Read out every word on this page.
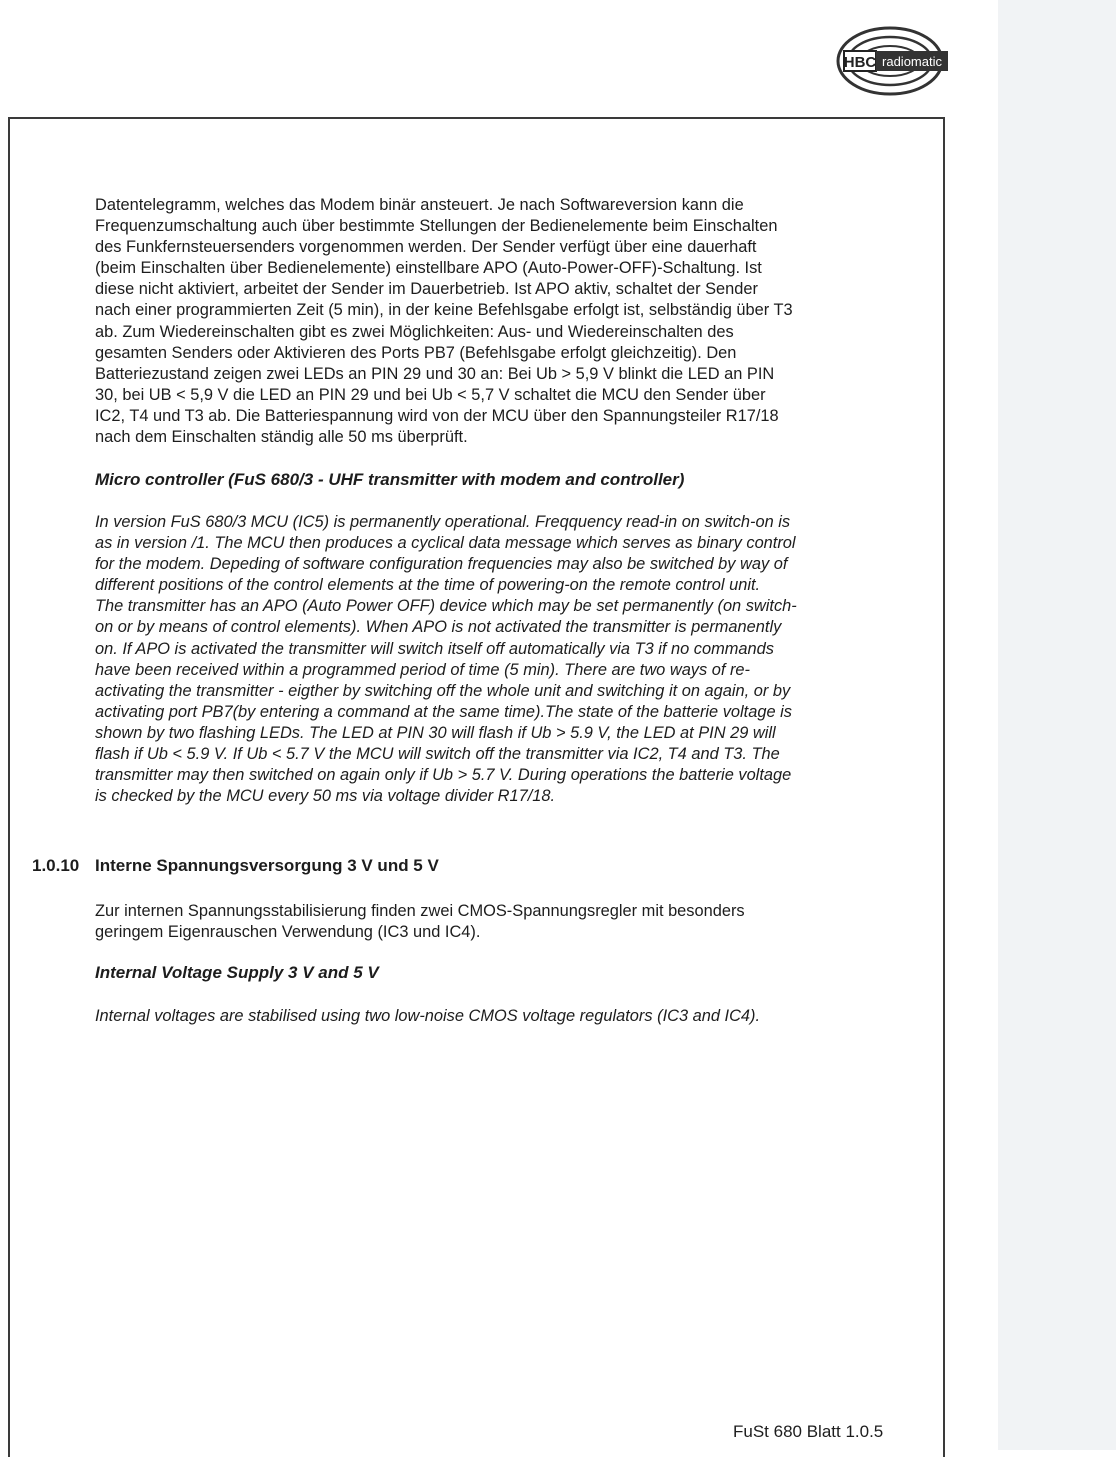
HBC radiomatic
Datentelegramm, welches das Modem binär ansteuert. Je nach Softwareversion kann die
Frequenzumschaltung auch über bestimmte Stellungen der Bedienelemente beim Einschalten
des Funkfernsteuersenders vorgenommen werden. Der Sender verfügt über eine dauerhaft
(beim Einschalten über Bedienelemente) einstellbare APO (Auto-Power-OFF)-Schaltung. Ist
diese nicht aktiviert, arbeitet der Sender im Dauerbetrieb. Ist APO aktiv, schaltet der Sender
nach einer programmierten Zeit (5 min), in der keine Befehlsgabe erfolgt ist, selbständig über T3
ab. Zum Wiedereinschalten gibt es zwei Möglichkeiten: Aus- und Wiedereinschalten des
gesamten Senders oder Aktivieren des Ports PB7 (Befehlsgabe erfolgt gleichzeitig). Den
Batteriezustand zeigen zwei LEDs an PIN 29 und 30 an: Bei Ub > 5,9 V blinkt die LED an PIN
30, bei UB < 5,9 V die LED an PIN 29 und bei Ub < 5,7 V schaltet die MCU den Sender über
IC2, T4 und T3 ab. Die Batteriespannung wird von der MCU über den Spannungsteiler R17/18
nach dem Einschalten ständig alle 50 ms überprüft.
Micro controller (FuS 680/3 - UHF transmitter with modem and controller)
In version FuS 680/3 MCU (IC5) is permanently operational. Freqquency read-in on switch-on is
as in version /1. The MCU then produces a cyclical data message which serves as binary control
for the modem. Depeding of software configuration frequencies may also be switched by way of
different positions of the control elements at the time of powering-on the remote control unit.
The transmitter has an APO (Auto Power OFF) device which may be set permanently (on switch-
on or by means of control elements). When APO is not activated the transmitter is permanently
on. If APO is activated the transmitter will switch itself off automatically via T3 if no commands
have been received within a programmed period of time (5 min). There are two ways of re-
activating the transmitter - eigther by switching off the whole unit and switching it on again, or by
activating port PB7(by entering a command at the same time).The state of the batterie voltage is
shown by two flashing LEDs. The LED at PIN 30 will flash if Ub > 5.9 V, the LED at PIN 29 will
flash if Ub < 5.9 V. If Ub < 5.7 V the MCU will switch off the transmitter via IC2, T4 and T3. The
transmitter may then switched on again only if Ub > 5.7 V. During operations the batterie voltage
is checked by the MCU every 50 ms via voltage divider R17/18.
1.0.10 Interne Spannungsversorgung 3 V und 5 V
Zur internen Spannungsstabilisierung finden zwei CMOS-Spannungsregler mit besonders
geringem Eigenrauschen Verwendung (IC3 und IC4).
Internal Voltage Supply 3 V and 5 V
Internal voltages are stabilised using two low-noise CMOS voltage regulators (IC3 and IC4).
FuSt 680 Blatt 1.0.5
